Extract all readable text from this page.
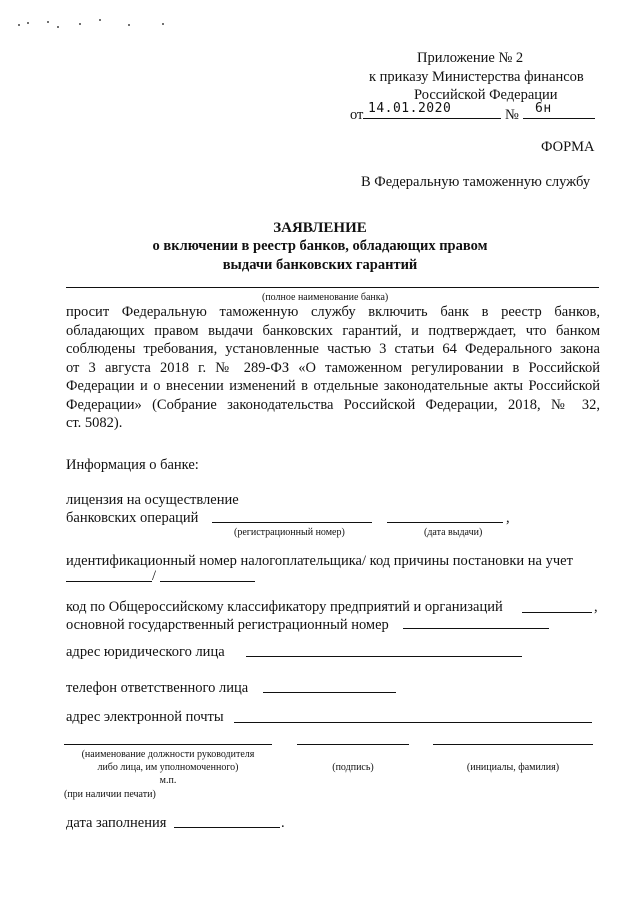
Приложение № 2
к приказу Министерства финансов
Российской Федерации
от 14.01.2020	№ 6н
ФОРМА
В Федеральную таможенную службу
ЗАЯВЛЕНИЕ
о включении в реестр банков, обладающих правом
выдачи банковских гарантий
(полное наименование банка)
просит Федеральную таможенную службу включить банк в реестр банков,
обладающих правом выдачи банковских гарантий, и подтверждает, что банком
соблюдены требования, установленные частью 3 статьи 64 Федерального закона
от 3 августа 2018 г. № 289-ФЗ «О таможенном регулировании в Российской
Федерации и о внесении изменений в отдельные законодательные акты Российской
Федерации» (Собрание законодательства Российской Федерации, 2018, № 32,
ст. 5082).
Информация о банке:
лицензия на осуществление
банковских операций	,
(регистрационный номер)	(дата выдачи)
идентификационный номер налогоплательщика/ код причины постановки на учет
/
код по Общероссийскому классификатору предприятий и организаций	,
основной государственный регистрационный номер
адрес юридического лица
телефон ответственного лица
адрес электронной почты
(наименование должности руководителя
либо лица, им уполномоченного)	(подпись)	(инициалы, фамилия)
м.п.
(при наличии печати)
дата заполнения	.
